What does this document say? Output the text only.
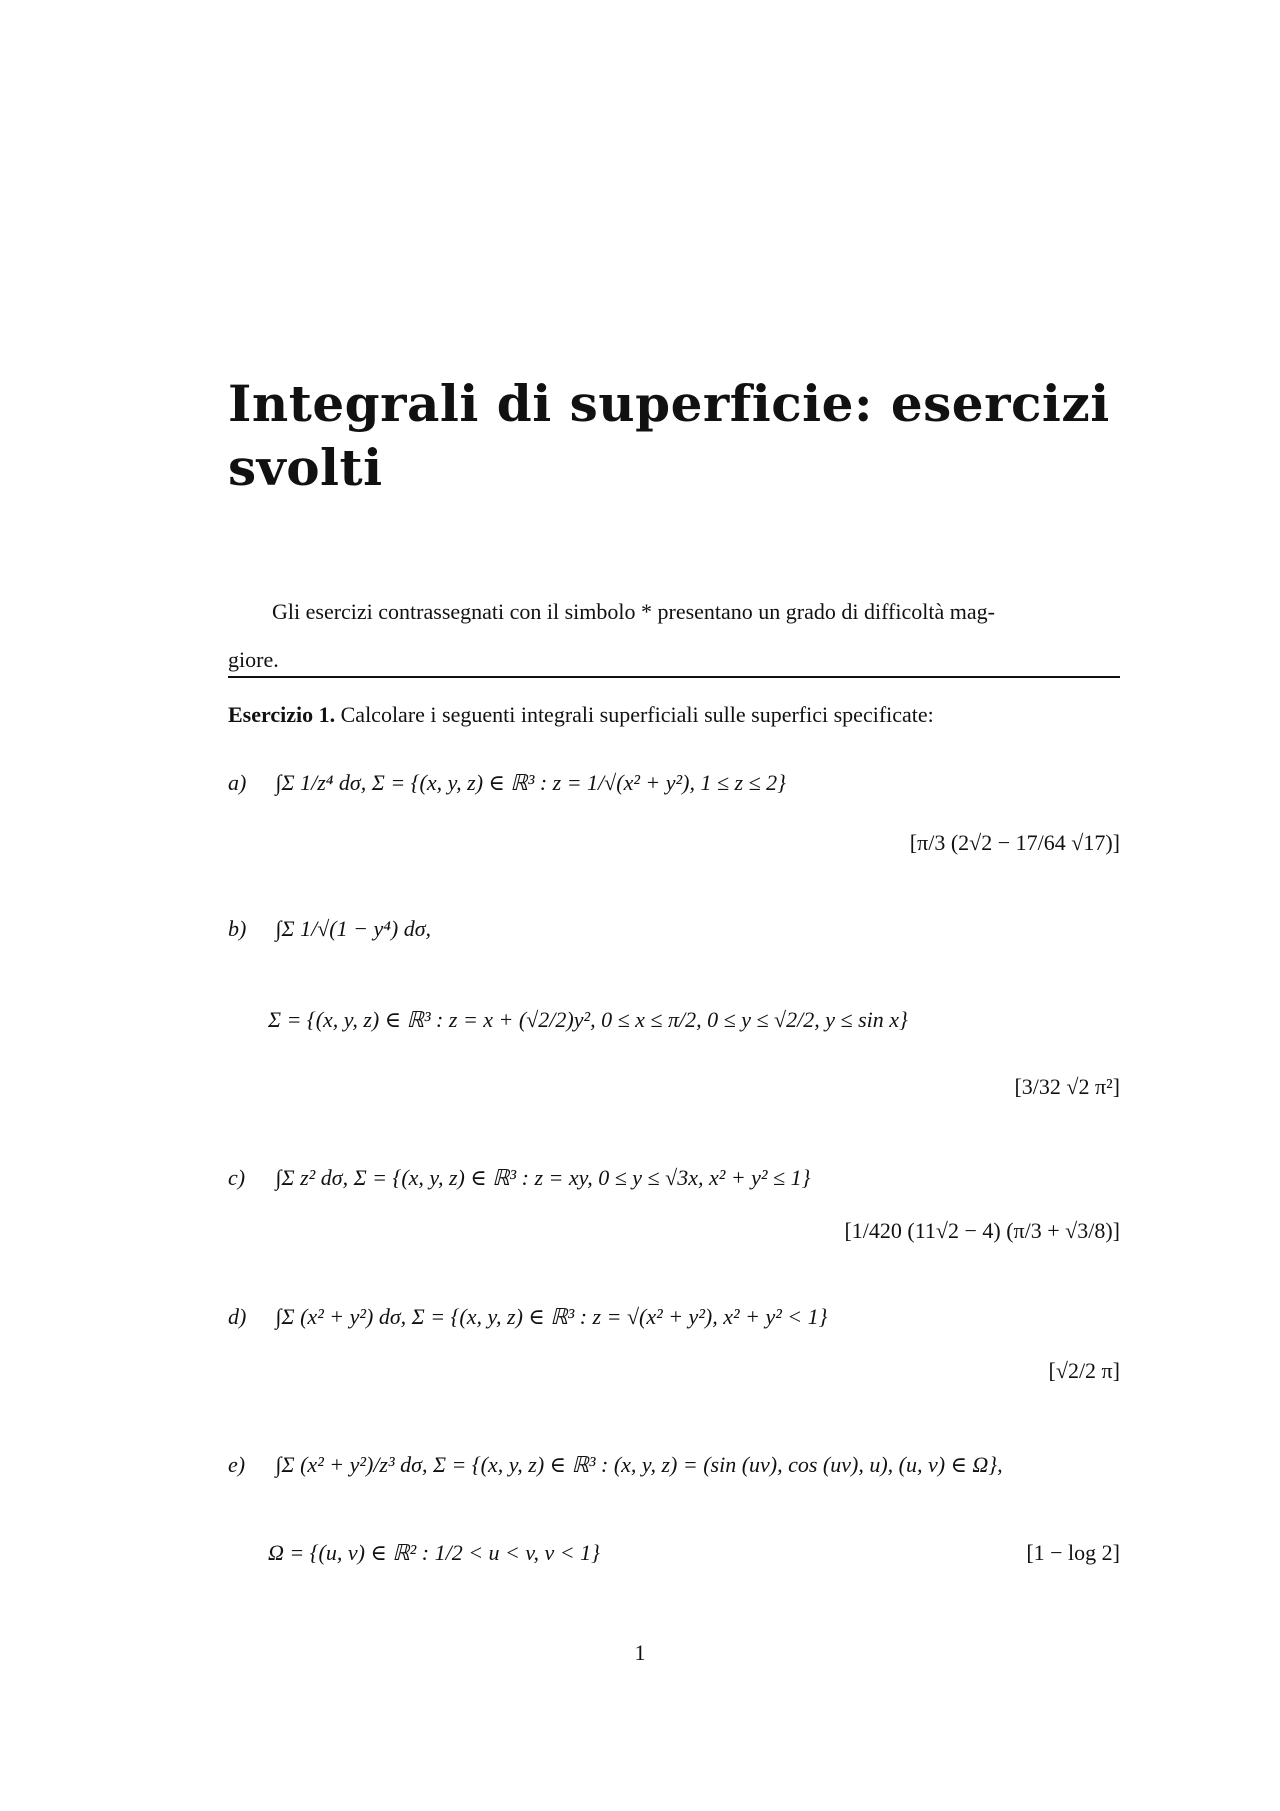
Integrali di superficie: esercizi svolti
Gli esercizi contrassegnati con il simbolo * presentano un grado di difficoltà mag-
giore.

Esercizio 1. Calcolare i seguenti integrali superficiali sulle superfici specificate:

a) ∫Σ 1/z⁴ dσ, Σ = {(x, y, z) ∈ ℝ³ : z = 1/√(x² + y²), 1 ≤ z ≤ 2}
[π/3 (2√2 − 17/64 √17)]
b) ∫Σ 1/√(1 − y⁴) dσ,
Σ = {(x, y, z) ∈ ℝ³ : z = x + (√2/2)y², 0 ≤ x ≤ π/2, 0 ≤ y ≤ √2/2, y ≤ sin x}
[3/32 √2 π²]
c) ∫Σ z² dσ, Σ = {(x, y, z) ∈ ℝ³ : z = xy, 0 ≤ y ≤ √3x, x² + y² ≤ 1}
[1/420 (11√2 − 4) (π/3 + √3/8)]
d) ∫Σ (x² + y²) dσ, Σ = {(x, y, z) ∈ ℝ³ : z = √(x² + y²), x² + y² < 1}
[√2/2 π]
e) ∫Σ (x² + y²)/z³ dσ, Σ = {(x, y, z) ∈ ℝ³ : (x, y, z) = (sin (uv), cos (uv), u), (u, v) ∈ Ω},
Ω = {(u, v) ∈ ℝ² : 1/2 < u < v, v < 1}	[1 − log 2]
1
